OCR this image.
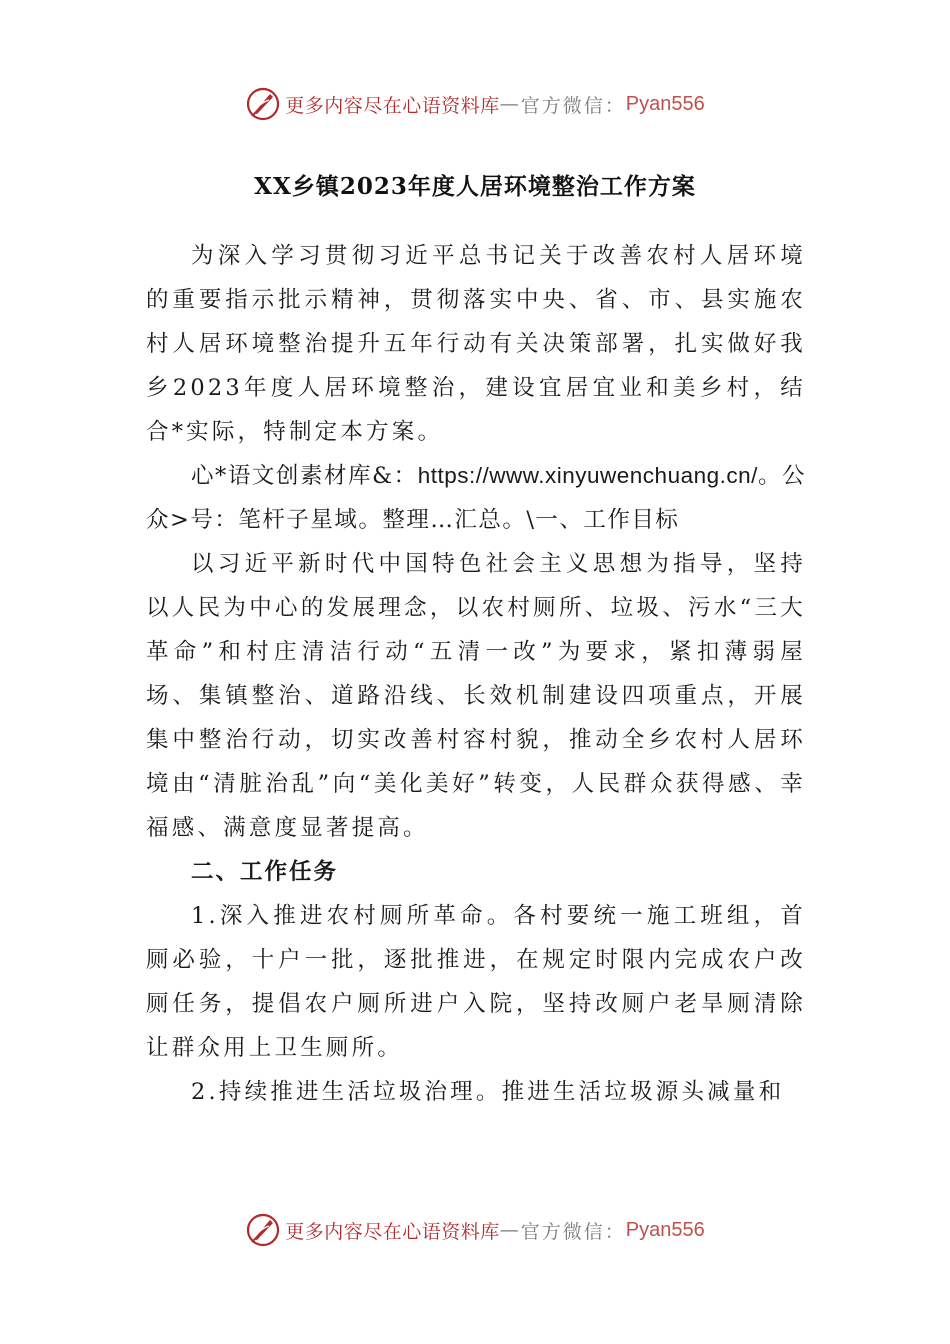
更多内容尽在心语资料库 — 官方微信： Pyan556
XX乡镇2023年度人居环境整治工作方案

为深入学习贯彻习近平总书记关于改善农村人居环境的重要指示批示精神，贯彻落实中央、省、市、县实施农村人居环境整治提升五年行动有关决策部署，扎实做好我乡2023年度人居环境整治，建设宜居宜业和美乡村，结合*实际，特制定本方案。

心*语文创素材库&：https://www.xinyuwenchuang.cn/。公众>号：笔杆子星域。整理…汇总。\一、工作目标

以习近平新时代中国特色社会主义思想为指导，坚持以人民为中心的发展理念，以农村厕所、垃圾、污水“三大革命”和村庄清洁行动“五清一改”为要求，紧扣薄弱屋场、集镇整治、道路沿线、长效机制建设四项重点，开展集中整治行动，切实改善村容村貌，推动全乡农村人居环境由“清脏治乱”向“美化美好”转变，人民群众获得感、幸福感、满意度显著提高。

二、工作任务

1.深入推进农村厕所革命。各村要统一施工班组，首厕必验，十户一批，逐批推进，在规定时限内完成农户改厕任务，提倡农户厕所进户入院，坚持改厕户老旱厕清除让群众用上卫生厕所。

2.持续推进生活垃圾治理。推进生活垃圾源头减量和

更多内容尽在心语资料库 — 官方微信： Pyan556
